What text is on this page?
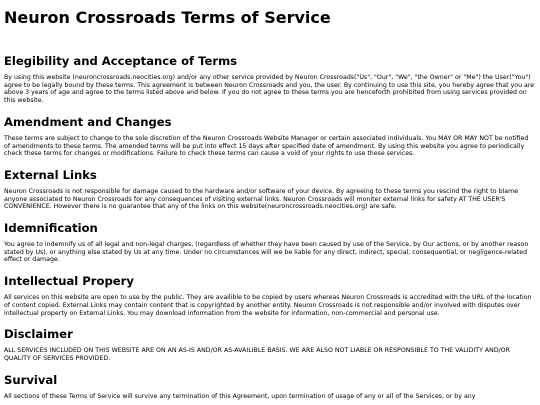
Neuron Crossroads Terms of Service
Elegibility and Acceptance of Terms

By using this website (neuroncrossroads.neocities.org) and/or any other service provided by Neuron Crossroads("Us", "Our", "We", "the Owner" or "Me") the User("You") agree to be legally bound by these terms. This agreement is between Neuron Crossroads and you, the user. By continuing to use this site, you hereby agree that you are above 3 years of age and agree to the terms listed above and below. If you do not agree to these terms you are henceforth prohibited from using services provided on this website.

Amendment and Changes

These terms are subject to change to the sole discretion of the Neuron Crossroads Website Manager or certain associated individuals. You MAY OR MAY NOT be notified of amendments to these terms. The amended terms will be put into effect 15 days after specified date of amendment. By using this website you agree to periodically check these terms for changes or modifications. Failure to check these terms can cause a void of your rights to use these services.

External Links

Neuron Crossroads is not responsible for damage caused to the hardware and/or software of your device. By agreeing to these terms you rescind the right to blame anyone associated to Neuron Crossroads for any consequences of visiting external links. Neuron Crossroads will moniter external links for safety AT THE USER'S CONVENIENCE. However there is no guarantee that any of the links on this website(neuroncrossroads.neocities.org) are safe.

Idemnification

You agree to indemnify us of all legal and non-legal charges, (regardless of whether they have been caused by use of the Service, by Our actions, or by another reason stated by Us), or anything else stated by Us at any time. Under no circumstances will we be liable for any direct, indirect, special, consequential, or negligence-related effect or damage.

Intellectual Propery

All services on this website are open to use by the public. They are availible to be copied by users whereas Neuron Crossroads is accredited with the URL of the location of content copied. External Links may contain content that is copyrighted by another entity. Neuron Crossroads is not responsible and/or involved with disputes over intellectual property on External Links. You may download information from the website for information, non-commercial and personal use.

Disclaimer

ALL SERVICES INCLUDED ON THIS WEBSITE ARE ON AN AS-IS AND/OR AS-AVAILIBLE BASIS. WE ARE ALSO NOT LIABLE OR RESPONSIBLE TO THE VALIDITY AND/OR QUALITY OF SERVICES PROVIDED.

Survival

All sections of these Terms of Service will survive any termination of this Agreement, upon termination of usage of any or all of the Services, or by any
